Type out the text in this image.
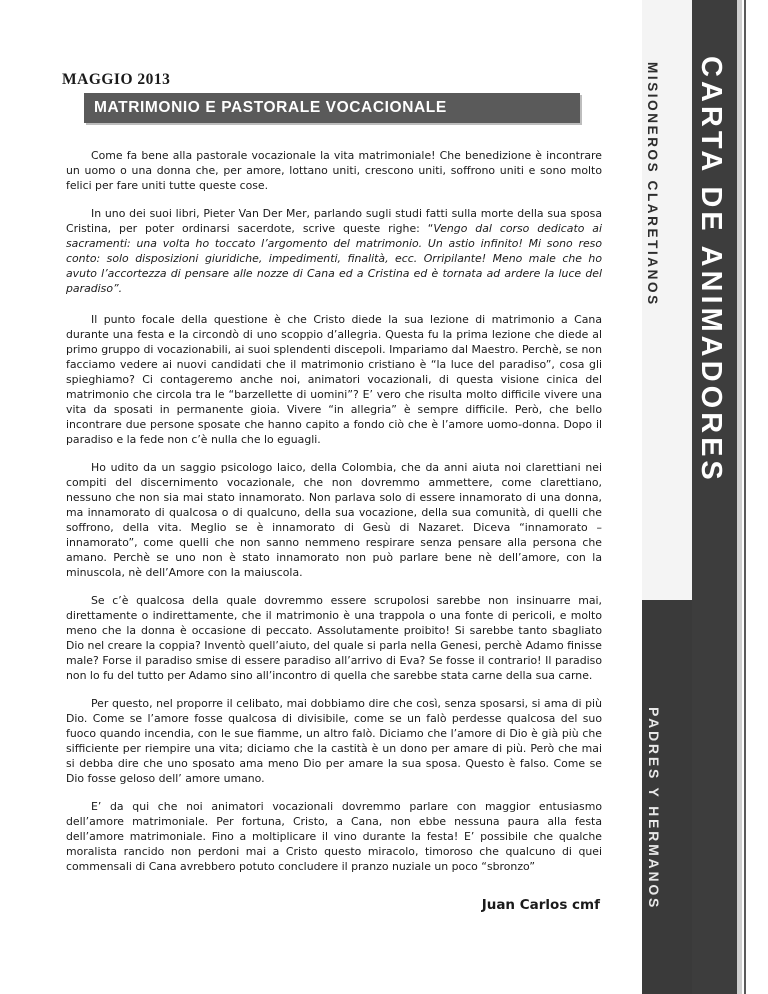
CARTA DE ANIMADORES
MISIONEROS CLARETIANOS
PADRES Y HERMANOS
MAGGIO 2013
MATRIMONIO E PASTORALE VOCACIONALE

Come fa bene alla pastorale vocazionale la vita matrimoniale! Che benedizione è incontrare un uomo o una donna che, per amore, lottano uniti, crescono uniti, soffrono uniti e sono molto felici per fare uniti tutte queste cose.

In uno dei suoi libri, Pieter Van Der Mer, parlando sugli studi fatti sulla morte della sua sposa Cristina, per poter ordinarsi sacerdote, scrive queste righe: “Vengo dal corso dedicato ai sacramenti: una volta ho toccato l’argomento del matrimonio. Un astio infinito! Mi sono reso conto: solo disposizioni giuridiche, impedimenti, finalità, ecc. Orripilante! Meno male che ho avuto l’accortezza di pensare alle nozze di Cana ed a Cristina ed è tornata ad ardere la luce del paradiso”.

Il punto focale della questione è che Cristo diede la sua lezione di matrimonio a Cana durante una festa e la circondò di uno scoppio d’allegria. Questa fu la prima lezione che diede al primo gruppo di vocazionabili, ai suoi splendenti discepoli. Impariamo dal Maestro. Perchè, se non facciamo vedere ai nuovi candidati che il matrimonio cristiano è “la luce del paradiso”, cosa gli spieghiamo? Ci contageremo anche noi, animatori vocazionali, di questa visione cinica del matrimonio che circola tra le “barzellette di uomini”? E’ vero che risulta molto difficile vivere una vita da sposati in permanente gioia. Vivere “in allegria” è sempre difficile. Però, che bello incontrare due persone sposate che hanno capito a fondo ciò che è l’amore uomo-donna. Dopo il paradiso e la fede non c’è nulla che lo eguagli.

Ho udito da un saggio psicologo laico, della Colombia, che da anni aiuta noi clarettiani nei compiti del discernimento vocazionale, che non dovremmo ammettere, come clarettiano, nessuno che non sia mai stato innamorato. Non parlava solo di essere innamorato di una donna, ma innamorato di qualcosa o di qualcuno, della sua vocazione, della sua comunità, di quelli che soffrono, della vita. Meglio se è innamorato di Gesù di Nazaret. Diceva “innamorato – innamorato”, come quelli che non sanno nemmeno respirare senza pensare alla persona che amano. Perchè se uno non è stato innamorato non può parlare bene nè dell’amore, con la minuscola, nè dell’Amore con la maiuscola.

Se c’è qualcosa della quale dovremmo essere scrupolosi sarebbe non insinuarre mai, direttamente o indirettamente, che il matrimonio è una trappola o una fonte di pericoli, e molto meno che la donna è occasione di peccato. Assolutamente proibito! Si sarebbe tanto sbagliato Dio nel creare la coppia? Inventò quell’aiuto, del quale si parla nella Genesi, perchè Adamo finisse male? Forse il paradiso smise di essere paradiso all’arrivo di Eva? Se fosse il contrario! Il paradiso non lo fu del tutto per Adamo sino all’incontro di quella che sarebbe stata carne della sua carne.

Per questo, nel proporre il celibato, mai dobbiamo dire che così, senza sposarsi, si ama di più Dio. Come se l’amore fosse qualcosa di divisibile, come se un falò perdesse qualcosa del suo fuoco quando incendia, con le sue fiamme, un altro falò. Diciamo che l’amore di Dio è già più che sifficiente per riempire una vita; diciamo che la castità è un dono per amare di più. Però che mai si debba dire che uno sposato ama meno Dio per amare la sua sposa. Questo è falso. Come se Dio fosse geloso dell’ amore umano.

E’ da qui che noi animatori vocazionali dovremmo parlare con maggior entusiasmo dell’amore matrimoniale. Per fortuna, Cristo, a Cana, non ebbe nessuna paura alla festa dell’amore matrimoniale. Fino a moltiplicare il vino durante la festa! E’ possibile che qualche moralista rancido non perdoni mai a Cristo questo miracolo, timoroso che qualcuno di quei commensali di Cana avrebbero potuto concludere il pranzo nuziale un poco “sbronzo”

Juan Carlos cmf
